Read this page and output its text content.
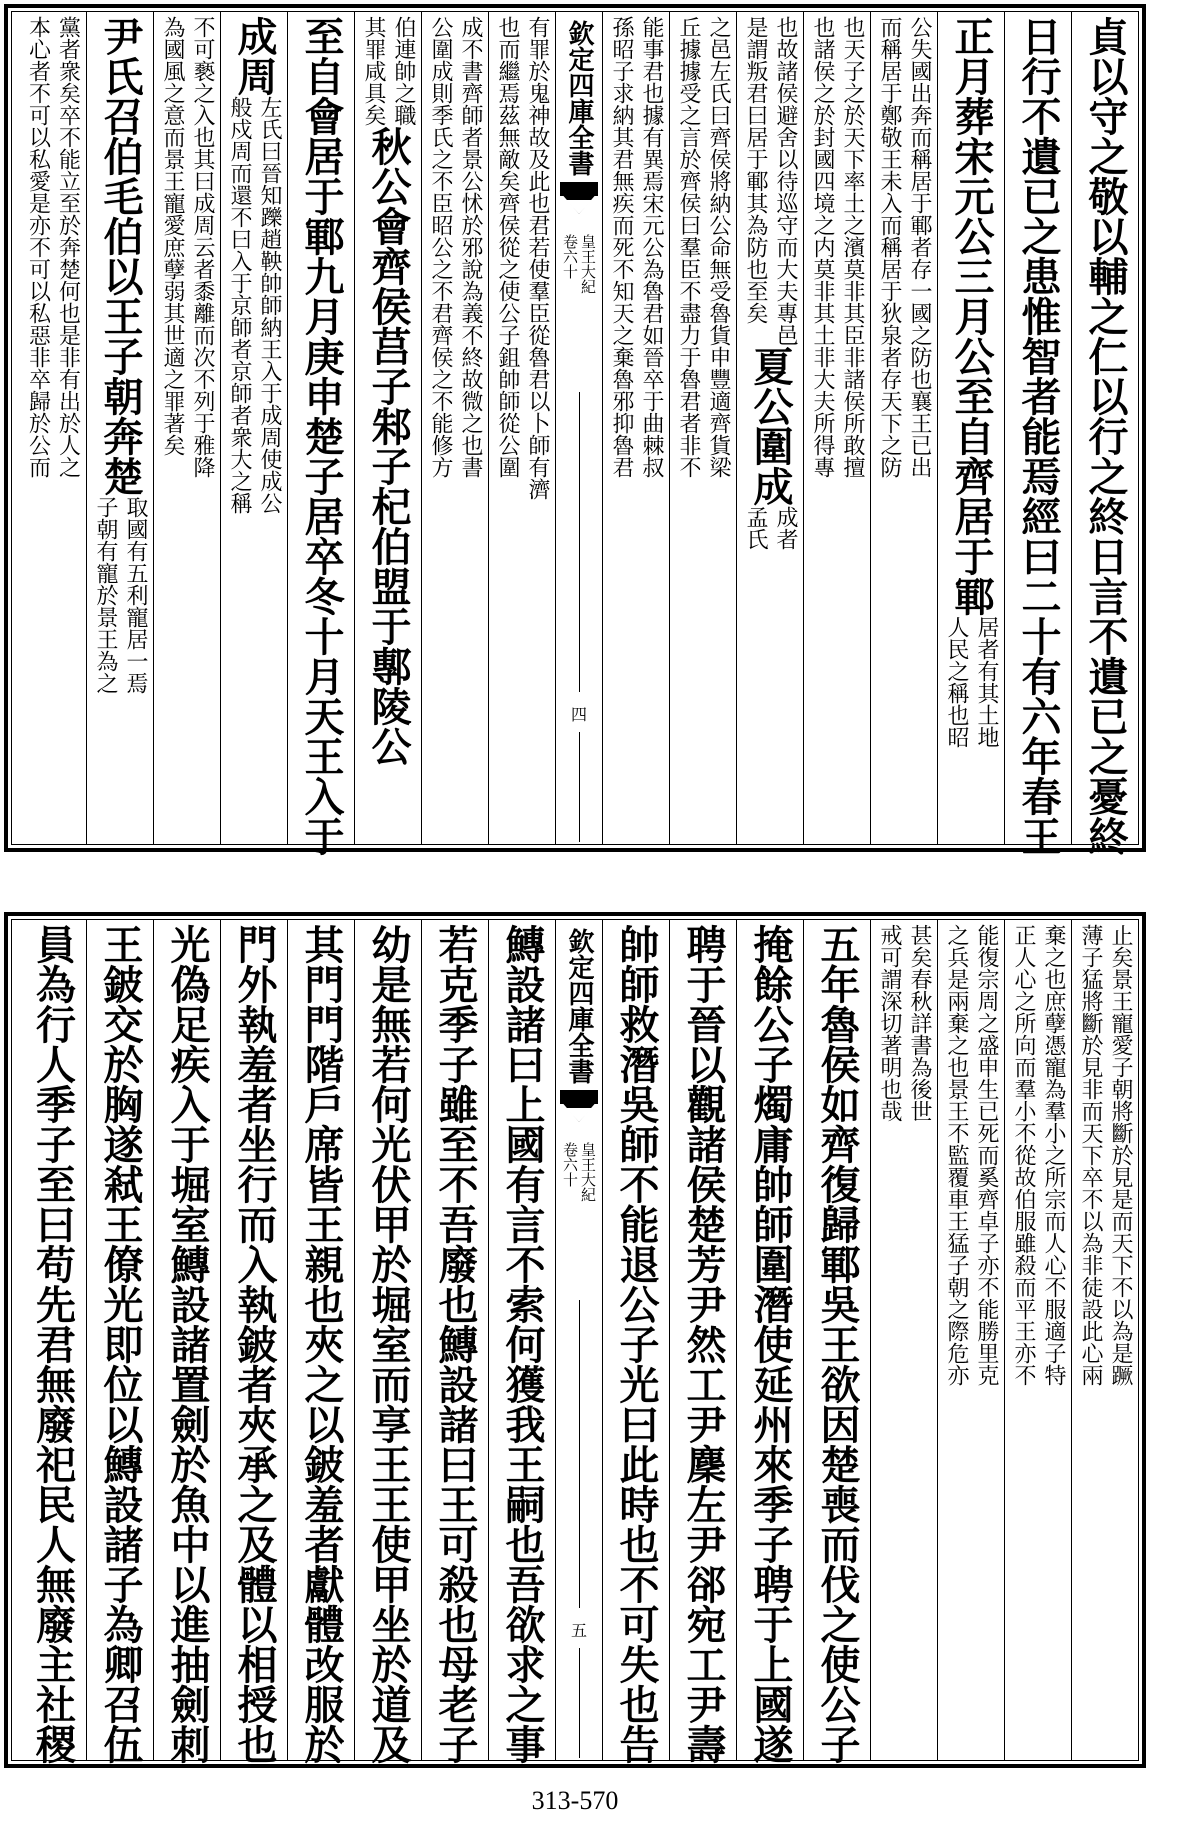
貞以守之敬以輔之仁以行之終日言不遺已之憂終
日行不遺已之患惟智者能焉經曰二十有六年春王
正月葬宋元公三月公至自齊居于鄆
居者有其土地
人民之稱也昭
公失國出奔而稱居于鄆者存一國之防也襄王已出
而稱居于鄭敬王未入而稱居于狄泉者存天下之防
也天子之於天下率土之濱莫非其臣非諸侯所敢擅
也諸侯之於封國四境之内莫非其土非大夫所得專
也故諸侯避舍以待巡守而大夫專邑
是謂叛君曰居于鄆其為防也至矣
夏公圍成
成者
孟氏
之邑左氏曰齊侯將納公命無受魯貨申豐適齊貨梁
丘據據受之言於齊侯曰羣臣不盡力于魯君者非不
能事君也據有異焉宋元公為魯君如晉卒于曲棘叔
孫昭子求納其君無疾而死不知天之棄魯邪抑魯君
欽定四庫全書
皇王大紀
卷六十
四
有罪於鬼神故及此也君若使羣臣從魯君以卜師有濟
也而繼焉茲無敵矣齊侯從之使公子鉏帥師從公圍
成不書齊師者景公怵於邪說為義不終故微之也書
公圍成則季氏之不臣昭公之不君齊侯之不能修方
伯連帥之職
其罪咸具矣
秋公會齊侯莒子邾子杞伯盟于鄟陵公
至自會居于鄆九月庚申楚子居卒冬十月天王入于
成周
左氏曰晉知躒趙鞅帥師納王入于成周使成公
般戍周而還不曰入于京師者京師者衆大之稱
不可褻之入也其曰成周云者黍離而次不列于雅降
為國風之意而景王寵愛庶孽弱其世適之罪著矣
尹氏召伯毛伯以王子朝奔楚
取國有五利寵居一焉
子朝有寵於景王為之
黨者衆矣卒不能立至於奔楚何也是非有出於人之
本心者不可以私愛是亦不可以私惡非卒歸於公而
止矣景王寵愛子朝將斷於見是而天下不以為是蹶
薄子猛將斷於見非而天下卒不以為非徒設此心兩
棄之也庶孽憑寵為羣小之所宗而人心不服適子特
正人心之所向而羣小不從故伯服雖殺而平王亦不
能復宗周之盛申生已死而奚齊卓子亦不能勝里克
之兵是兩棄之也景王不監覆車王猛子朝之際危亦
甚矣春秋詳書為後世
戒可謂深切著明也哉
五年魯侯如齊復歸鄆吳王欲因楚喪而伐之使公子
掩餘公子燭庸帥師圍潛使延州來季子聘于上國遂
聘于晉以觀諸侯楚芳尹然工尹麇左尹郤宛工尹壽
帥師救潛吳師不能退公子光曰此時也不可失也告
欽定四庫全書
皇王大紀
卷六十
五
鱄設諸曰上國有言不索何獲我王嗣也吾欲求之事
若克季子雖至不吾廢也鱄設諸曰王可殺也母老子
幼是無若何光伏甲於堀室而享王王使甲坐於道及
其門門階戶席皆王親也夾之以鈹羞者獻體改服於
門外執羞者坐行而入執鈹者夾承之及體以相授也
光偽足疾入于堀室鱄設諸置劍於魚中以進抽劍刺
王鈹交於胸遂弒王僚光即位以鱄設諸子為卿召伍
員為行人季子至曰苟先君無廢祀民人無廢主社稷
313-570
